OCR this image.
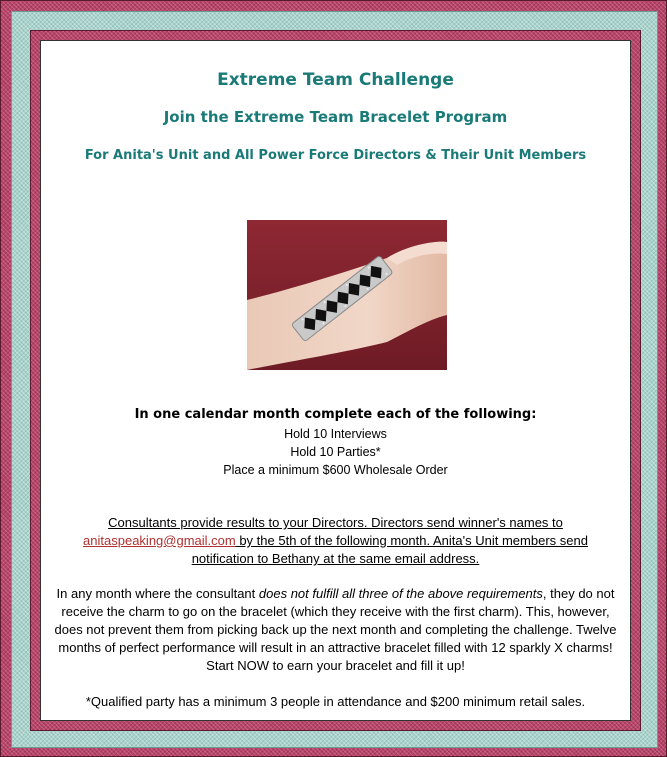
Extreme Team Challenge
Join the Extreme Team Bracelet Program
For Anita's Unit and All Power Force Directors & Their Unit Members
In one calendar month complete each of the following:
Hold 10 Interviews
Hold 10 Parties*
Place a minimum $600 Wholesale Order
Consultants provide results to your Directors. Directors send winner's names to anitaspeaking@gmail.com by the 5th of the following month. Anita's Unit members send notification to Bethany at the same email address.
In any month where the consultant does not fulfill all three of the above requirements, they do not receive the charm to go on the bracelet (which they receive with the first charm). This, however, does not prevent them from picking back up the next month and completing the challenge. Twelve months of perfect performance will result in an attractive bracelet filled with 12 sparkly X charms! Start NOW to earn your bracelet and fill it up!
*Qualified party has a minimum 3 people in attendance and $200 minimum retail sales.
